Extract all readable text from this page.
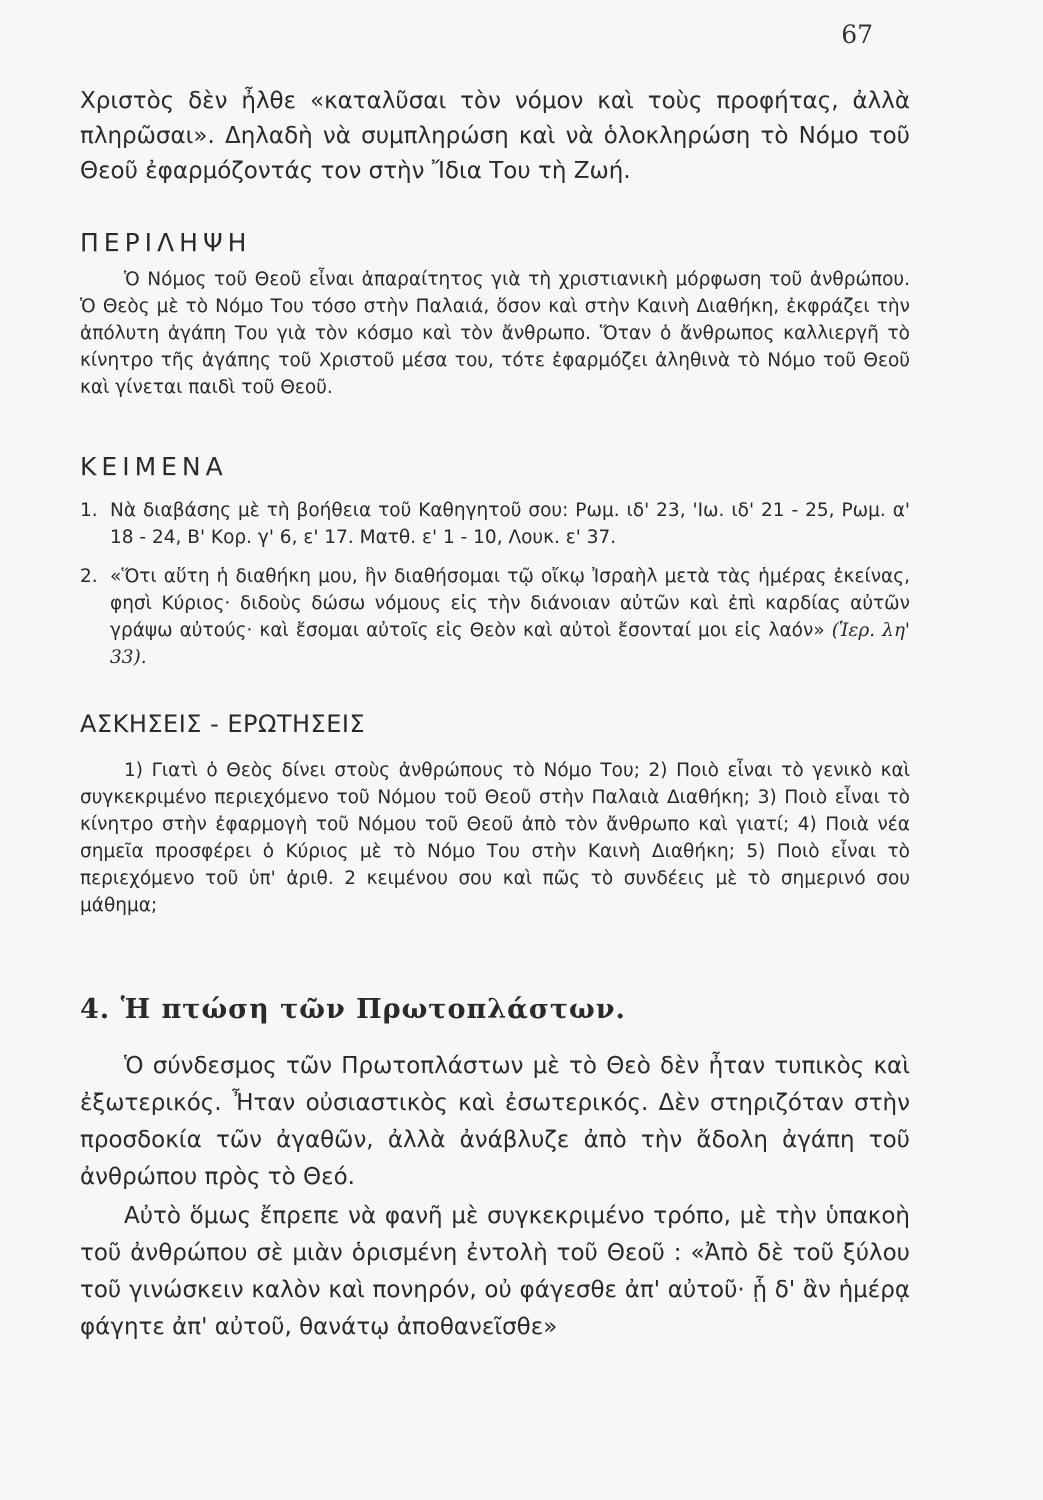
67
Χριστὸς δὲν ἦλθε «καταλῦσαι τὸν νόμον καὶ τοὺς προφήτας, ἀλλὰ πληρῶσαι». Δηλαδὴ νὰ συμπληρώση καὶ νὰ ὁλοκληρώση τὸ Νόμο τοῦ Θεοῦ ἐφαρμόζοντάς τον στὴν Ἴδια Του τὴ Ζωή.
ΠΕΡΙΛΗΨΗ
Ὁ Νόμος τοῦ Θεοῦ εἶναι ἀπαραίτητος γιὰ τὴ χριστιανικὴ μόρφωση τοῦ ἀνθρώπου. Ὁ Θεὸς μὲ τὸ Νόμο Του τόσο στὴν Παλαιά, ὅσον καὶ στὴν Καινὴ Διαθήκη, ἐκφράζει τὴν ἀπόλυτη ἀγάπη Του γιὰ τὸν κόσμο καὶ τὸν ἄνθρωπο. Ὅταν ὁ ἄνθρωπος καλλιεργῆ τὸ κίνητρο τῆς ἀγάπης τοῦ Χριστοῦ μέσα του, τότε ἐφαρμόζει ἀληθινὰ τὸ Νόμο τοῦ Θεοῦ καὶ γίνεται παιδὶ τοῦ Θεοῦ.
ΚΕΙΜΕΝΑ
1. Νὰ διαβάσης μὲ τὴ βοήθεια τοῦ Καθηγητοῦ σου: Ρωμ. ιδ' 23, 'Ιω. ιδ' 21 - 25, Ρωμ. α' 18 - 24, Β' Κορ. γ' 6, ε' 17. Ματθ. ε' 1 - 10, Λουκ. ε' 37.
2. «Ὅτι αὕτη ἡ διαθήκη μου, ἣν διαθήσομαι τῷ οἴκῳ Ἰσραὴλ μετὰ τὰς ἡμέρας ἐκείνας, φησὶ Κύριος· διδοὺς δώσω νόμους εἰς τὴν διάνοιαν αὐτῶν καὶ ἐπὶ καρδίας αὐτῶν γράψω αὐτούς· καὶ ἔσομαι αὐτοῖς εἰς Θεὸν καὶ αὐτοὶ ἔσονταί μοι εἰς λαόν» (Ἱερ. λη' 33).
ΑΣΚΗΣΕΙΣ - ΕΡΩΤΗΣΕΙΣ
1) Γιατὶ ὁ Θεὸς δίνει στοὺς ἀνθρώπους τὸ Νόμο Του; 2) Ποιὸ εἶναι τὸ γενικὸ καὶ συγκεκριμένο περιεχόμενο τοῦ Νόμου τοῦ Θεοῦ στὴν Παλαιὰ Διαθήκη; 3) Ποιὸ εἶναι τὸ κίνητρο στὴν ἐφαρμογὴ τοῦ Νόμου τοῦ Θεοῦ ἀπὸ τὸν ἄνθρωπο καὶ γιατί; 4) Ποιὰ νέα σημεῖα προσφέρει ὁ Κύριος μὲ τὸ Νόμο Του στὴν Καινὴ Διαθήκη; 5) Ποιὸ εἶναι τὸ περιεχόμενο τοῦ ὑπ' ἀριθ. 2 κειμένου σου καὶ πῶς τὸ συνδέεις μὲ τὸ σημερινό σου μάθημα;
4. Ἡ πτώση τῶν Πρωτοπλάστων.
Ὁ σύνδεσμος τῶν Πρωτοπλάστων μὲ τὸ Θεὸ δὲν ἦταν τυπικὸς καὶ ἐξωτερικός. Ἦταν οὐσιαστικὸς καὶ ἐσωτερικός. Δὲν στηριζόταν στὴν προσδοκία τῶν ἀγαθῶν, ἀλλὰ ἀνάβλυζε ἀπὸ τὴν ἄδολη ἀγάπη τοῦ ἀνθρώπου πρὸς τὸ Θεό.
Αὐτὸ ὅμως ἔπρεπε νὰ φανῆ μὲ συγκεκριμένο τρόπο, μὲ τὴν ὑπακοὴ τοῦ ἀνθρώπου σὲ μιὰν ὁρισμένη ἐντολὴ τοῦ Θεοῦ : «Ἀπὸ δὲ τοῦ ξύλου τοῦ γινώσκειν καλὸν καὶ πονηρόν, οὐ φάγεσθε ἀπ' αὐτοῦ· ᾗ δ' ἂν ἡμέρᾳ φάγητε ἀπ' αὐτοῦ, θανάτῳ ἀποθανεῖσθε»
